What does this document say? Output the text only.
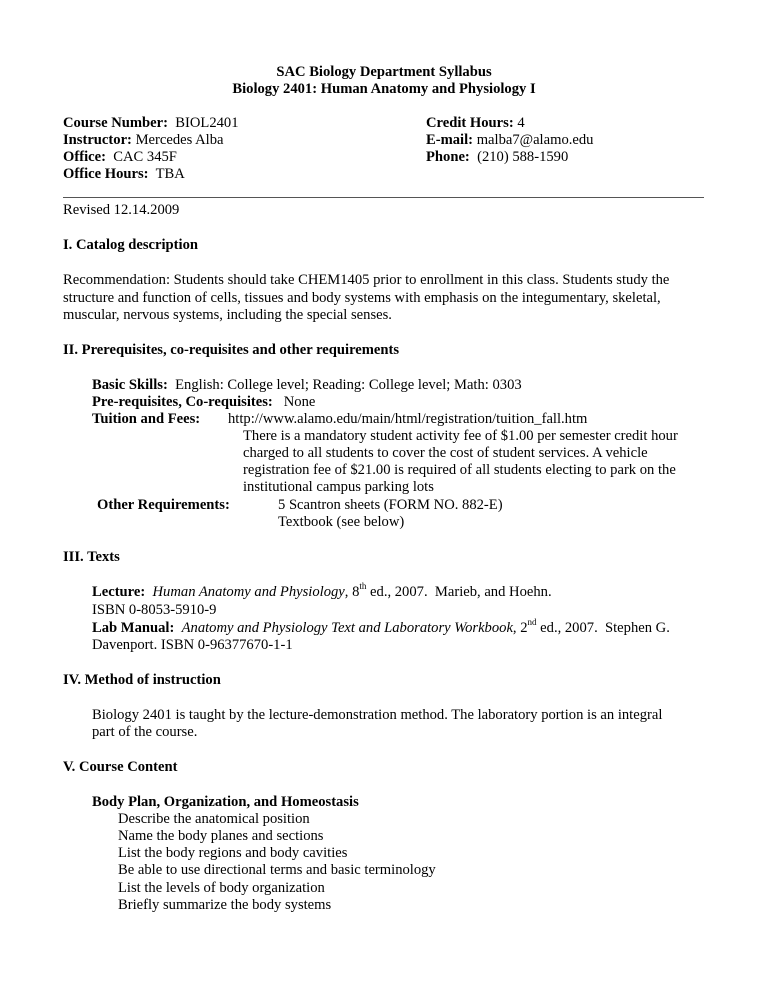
SAC Biology Department Syllabus
Biology 2401: Human Anatomy and Physiology I
Course Number: BIOL2401
Instructor: Mercedes Alba
Office: CAC 345F
Office Hours: TBA
Credit Hours: 4
E-mail: malba7@alamo.edu
Phone: (210) 588-1590
Revised 12.14.2009
I. Catalog description
Recommendation: Students should take CHEM1405 prior to enrollment in this class. Students study the
structure and function of cells, tissues and body systems with emphasis on the integumentary, skeletal,
muscular, nervous systems, including the special senses.
II. Prerequisites, co-requisites and other requirements
Basic Skills: English: College level; Reading: College level; Math: 0303
Pre-requisites, Co-requisites: None
Tuition and Fees: http://www.alamo.edu/main/html/registration/tuition_fall.htm
There is a mandatory student activity fee of $1.00 per semester credit hour
charged to all students to cover the cost of student services. A vehicle
registration fee of $21.00 is required of all students electing to park on the
institutional campus parking lots
Other Requirements:	5 Scantron sheets (FORM NO. 882-E)
Textbook (see below)
III. Texts
Lecture: Human Anatomy and Physiology, 8th ed., 2007.  Marieb, and Hoehn.
ISBN 0-8053-5910-9
Lab Manual: Anatomy and Physiology Text and Laboratory Workbook, 2nd ed., 2007.  Stephen G.
Davenport. ISBN 0-96377670-1-1
IV. Method of instruction
Biology 2401 is taught by the lecture-demonstration method. The laboratory portion is an integral
part of the course.
V. Course Content
Body Plan, Organization, and Homeostasis
Describe the anatomical position
Name the body planes and sections
List the body regions and body cavities
Be able to use directional terms and basic terminology
List the levels of body organization
Briefly summarize the body systems
